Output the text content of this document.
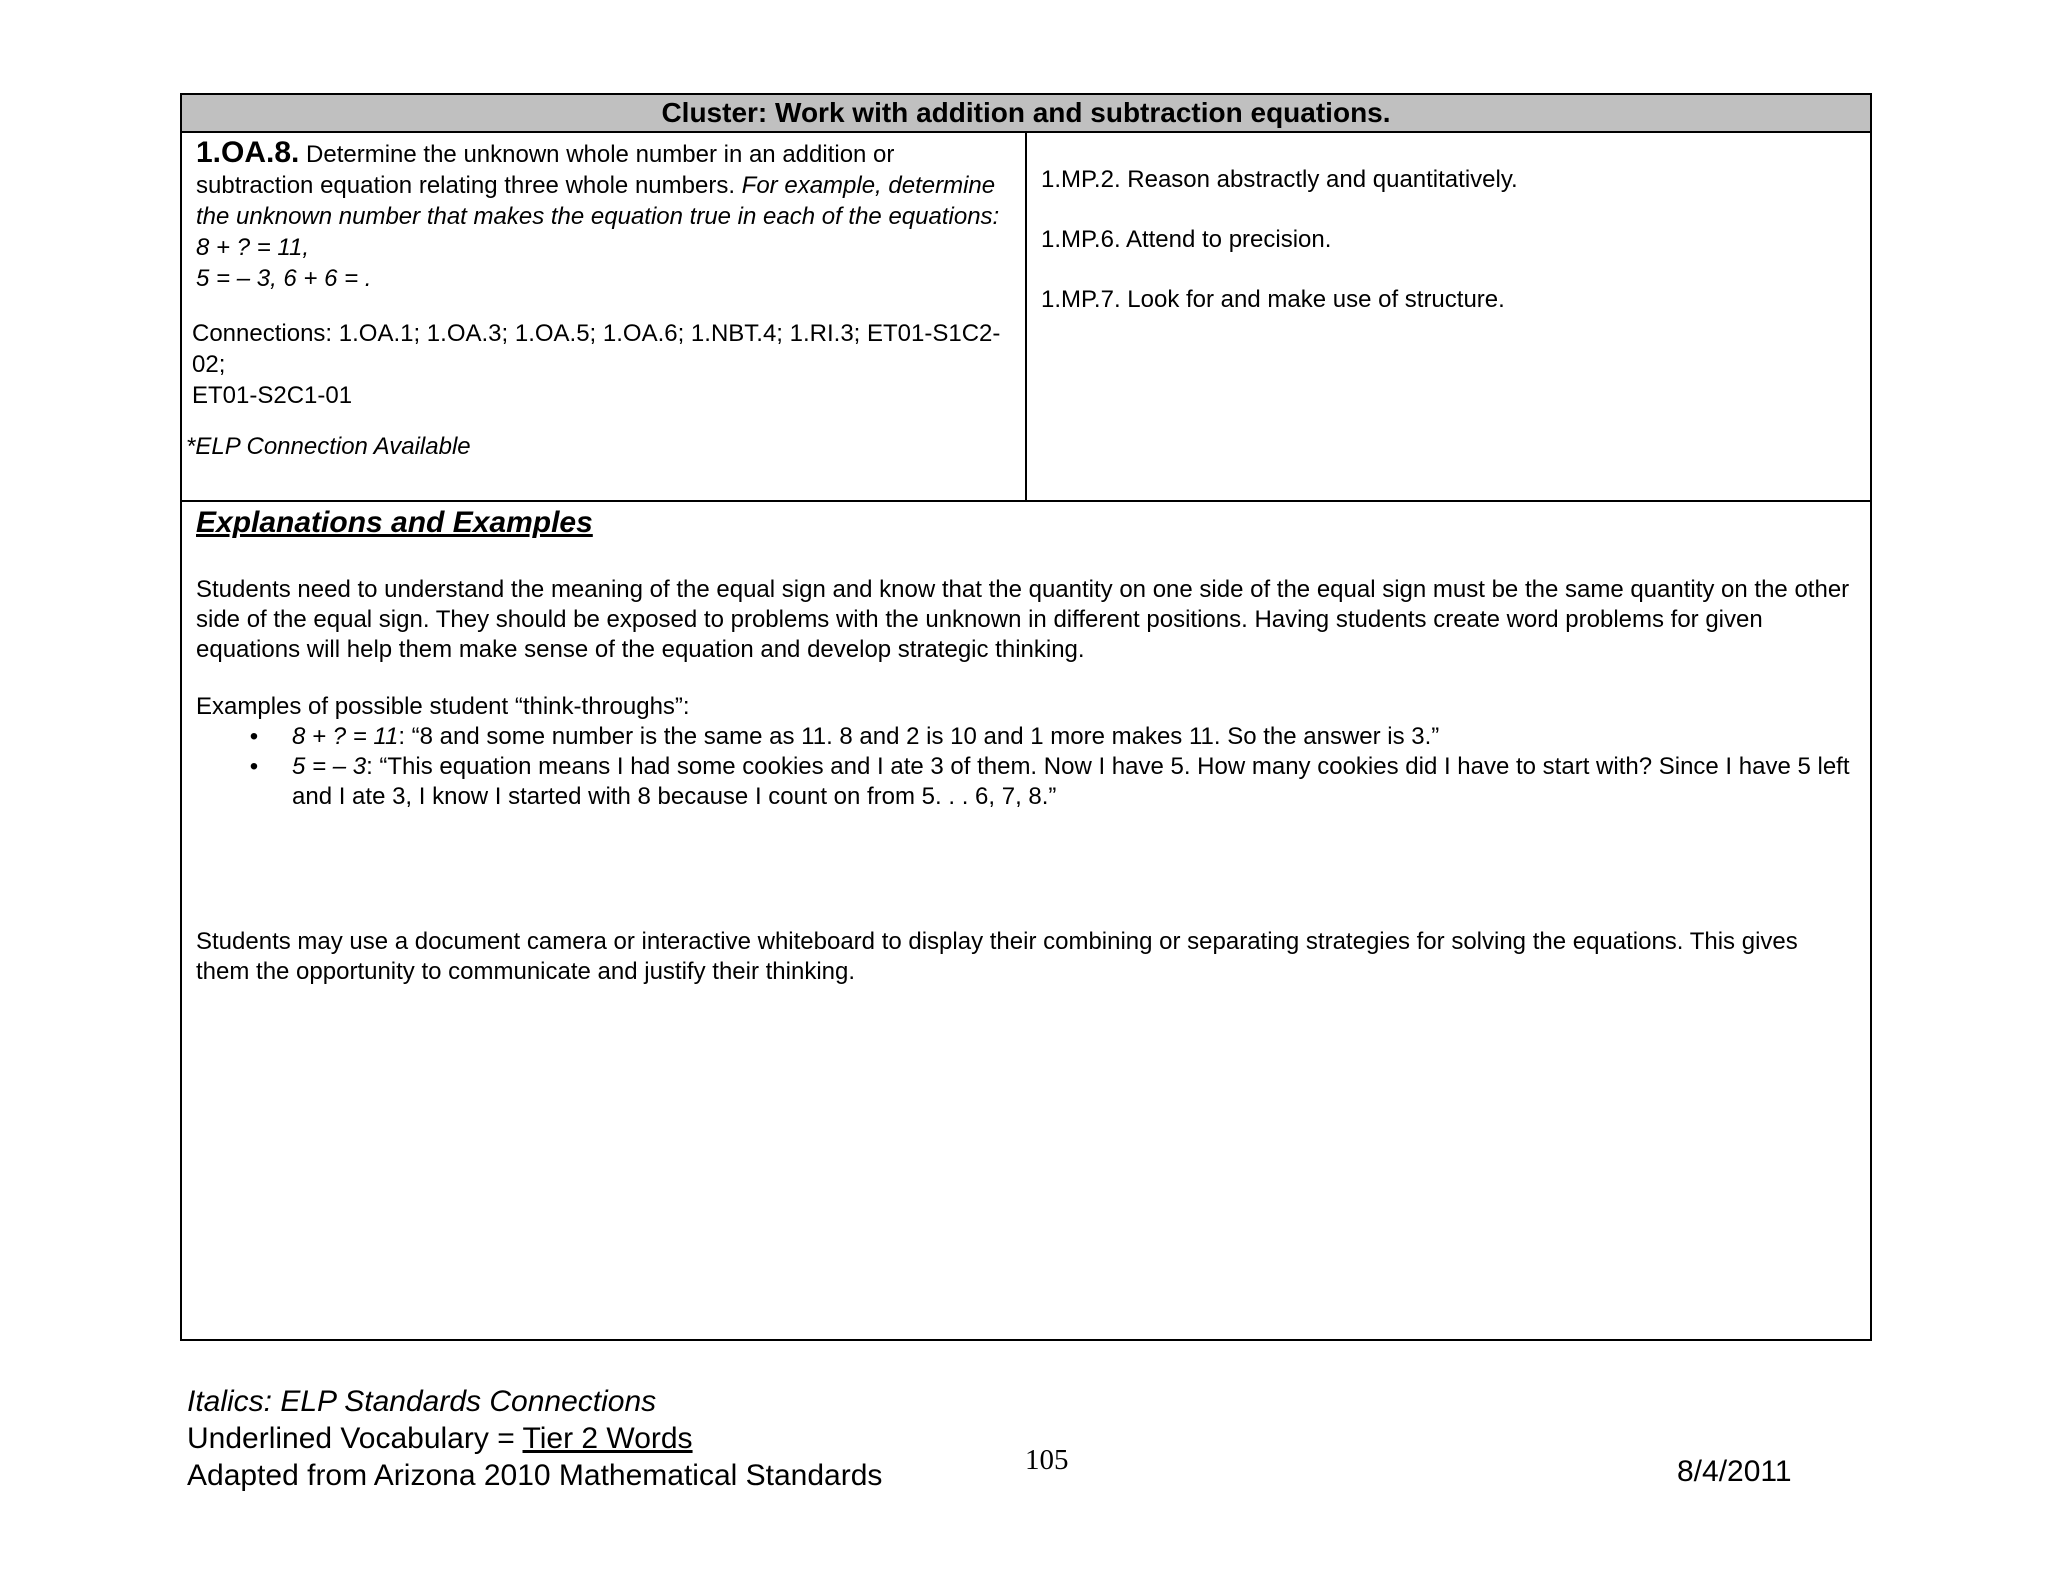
Cluster: Work with addition and subtraction equations.
1.OA.8. Determine the unknown whole number in an addition or subtraction equation relating three whole numbers. For example, determine the unknown number that makes the equation true in each of the equations: 8 + ? = 11,
5 = – 3, 6 + 6 = .
Connections: 1.OA.1; 1.OA.3; 1.OA.5; 1.OA.6; 1.NBT.4; 1.RI.3; ET01-S1C2-02;
ET01-S2C1-01
*ELP Connection Available
1.MP.2. Reason abstractly and quantitatively.
1.MP.6. Attend to precision.
1.MP.7. Look for and make use of structure.
Explanations and Examples
Students need to understand the meaning of the equal sign and know that the quantity on one side of the equal sign must be the same quantity on the other side of the equal sign. They should be exposed to problems with the unknown in different positions. Having students create word problems for given equations will help them make sense of the equation and develop strategic thinking.

Examples of possible student “think-throughs”:

• 8 + ? = 11: “8 and some number is the same as 11. 8 and 2 is 10 and 1 more makes 11. So the answer is 3.”
• 5 = – 3: “This equation means I had some cookies and I ate 3 of them. Now I have 5. How many cookies did I have to start with? Since I have 5 left and I ate 3, I know I started with 8 because I count on from 5. . . 6, 7, 8.”
Students may use a document camera or interactive whiteboard to display their combining or separating strategies for solving the equations. This gives them the opportunity to communicate and justify their thinking.
Italics: ELP Standards Connections
Underlined Vocabulary = Tier 2 Words
Adapted from Arizona 2010 Mathematical Standards	105	8/4/2011
